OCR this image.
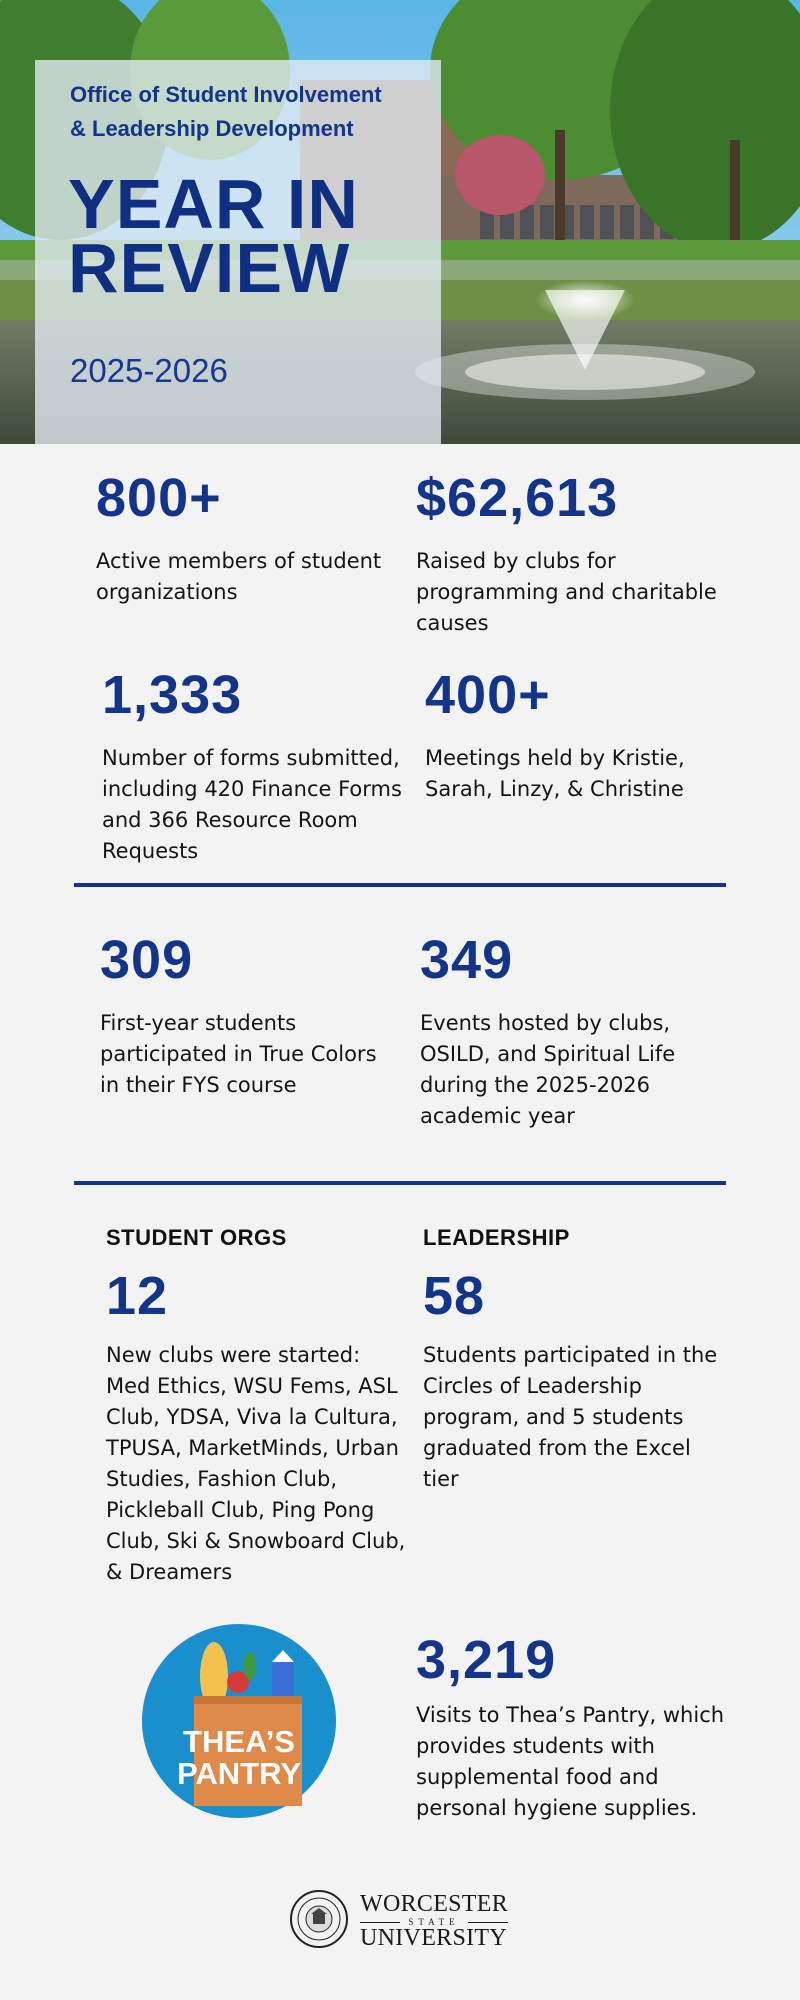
Office of Student Involvement
& Leadership Development
YEAR IN
REVIEW
2025-2026
800+
Active members of student organizations
$62,613
Raised by clubs for programming and charitable causes
1,333
Number of forms submitted, including 420 Finance Forms and 366 Resource Room Requests
400+
Meetings held by Kristie, Sarah, Linzy, & Christine
309
First-year students participated in True Colors in their FYS course
349
Events hosted by clubs, OSILD, and Spiritual Life during the 2025-2026 academic year
STUDENT ORGS
12
New clubs were started: Med Ethics, WSU Fems, ASL Club, YDSA, Viva la Cultura, TPUSA, MarketMinds, Urban Studies, Fashion Club, Pickleball Club, Ping Pong Club, Ski & Snowboard Club, & Dreamers
LEADERSHIP
58
Students participated in the Circles of Leadership program, and 5 students graduated from the Excel tier
THEA’S
PANTRY
3,219
Visits to Thea’s Pantry, which provides students with supplemental food and personal hygiene supplies.
WORCESTER
STATE
UNIVERSITY
